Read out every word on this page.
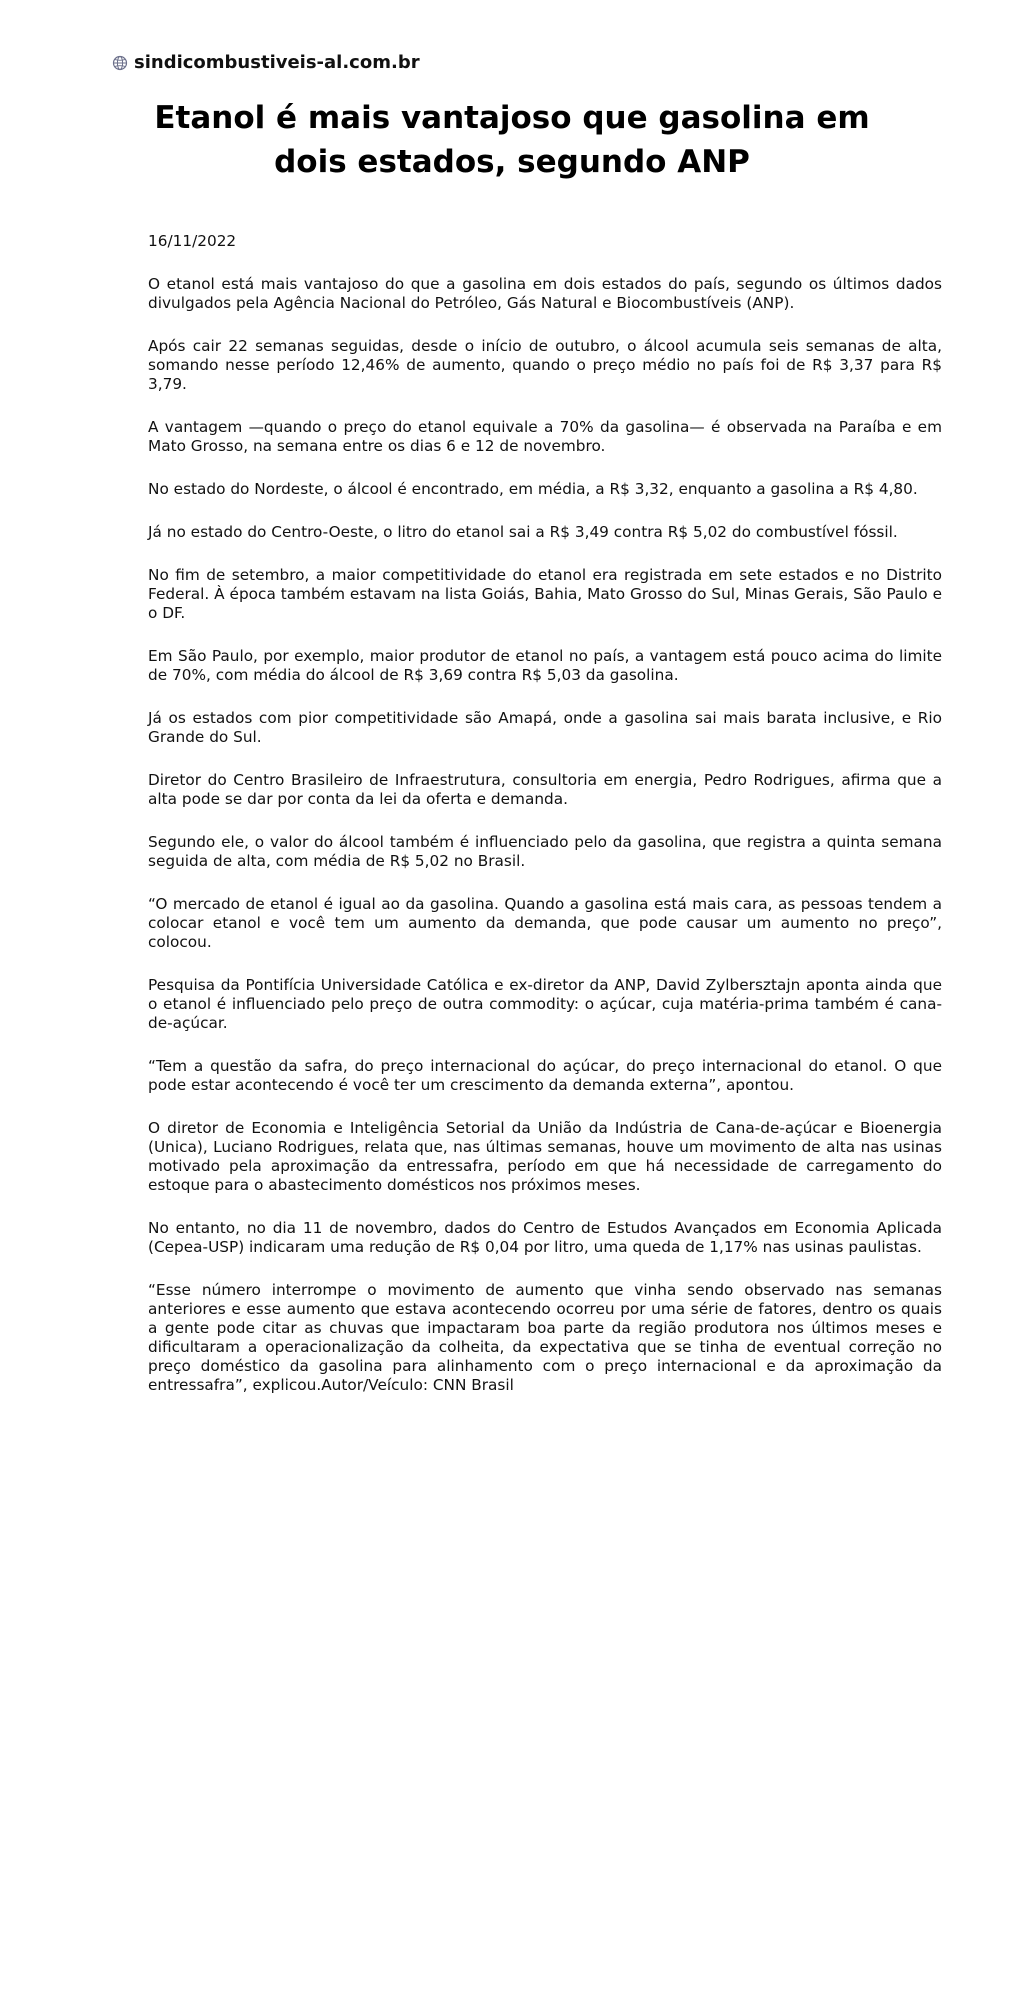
sindicombustiveis-al.com.br
Etanol é mais vantajoso que gasolina em dois estados, segundo ANP
16/11/2022

O etanol está mais vantajoso do que a gasolina em dois estados do país, segundo os últimos dados divulgados pela Agência Nacional do Petróleo, Gás Natural e Biocombustíveis (ANP).

Após cair 22 semanas seguidas, desde o início de outubro, o álcool acumula seis semanas de alta, somando nesse período 12,46% de aumento, quando o preço médio no país foi de R$ 3,37 para R$ 3,79.

A vantagem —quando o preço do etanol equivale a 70% da gasolina— é observada na Paraíba e em Mato Grosso, na semana entre os dias 6 e 12 de novembro.

No estado do Nordeste, o álcool é encontrado, em média, a R$ 3,32, enquanto a gasolina a R$ 4,80.

Já no estado do Centro-Oeste, o litro do etanol sai a R$ 3,49 contra R$ 5,02 do combustível fóssil.

No fim de setembro, a maior competitividade do etanol era registrada em sete estados e no Distrito Federal. À época também estavam na lista Goiás, Bahia, Mato Grosso do Sul, Minas Gerais, São Paulo e o DF.

Em São Paulo, por exemplo, maior produtor de etanol no país, a vantagem está pouco acima do limite de 70%, com média do álcool de R$ 3,69 contra R$ 5,03 da gasolina.

Já os estados com pior competitividade são Amapá, onde a gasolina sai mais barata inclusive, e Rio Grande do Sul.

Diretor do Centro Brasileiro de Infraestrutura, consultoria em energia, Pedro Rodrigues, afirma que a alta pode se dar por conta da lei da oferta e demanda.

Segundo ele, o valor do álcool também é influenciado pelo da gasolina, que registra a quinta semana seguida de alta, com média de R$ 5,02 no Brasil.

“O mercado de etanol é igual ao da gasolina. Quando a gasolina está mais cara, as pessoas tendem a colocar etanol e você tem um aumento da demanda, que pode causar um aumento no preço”, colocou.

Pesquisa da Pontifícia Universidade Católica e ex-diretor da ANP, David Zylbersztajn aponta ainda que o etanol é influenciado pelo preço de outra commodity: o açúcar, cuja matéria-prima também é cana-de-açúcar.

“Tem a questão da safra, do preço internacional do açúcar, do preço internacional do etanol. O que pode estar acontecendo é você ter um crescimento da demanda externa”, apontou.

O diretor de Economia e Inteligência Setorial da União da Indústria de Cana-de-açúcar e Bioenergia (Unica), Luciano Rodrigues, relata que, nas últimas semanas, houve um movimento de alta nas usinas motivado pela aproximação da entressafra, período em que há necessidade de carregamento do estoque para o abastecimento domésticos nos próximos meses.

No entanto, no dia 11 de novembro, dados do Centro de Estudos Avançados em Economia Aplicada (Cepea-USP) indicaram uma redução de R$ 0,04 por litro, uma queda de 1,17% nas usinas paulistas.

“Esse número interrompe o movimento de aumento que vinha sendo observado nas semanas anteriores e esse aumento que estava acontecendo ocorreu por uma série de fatores, dentro os quais a gente pode citar as chuvas que impactaram boa parte da região produtora nos últimos meses e dificultaram a operacionalização da colheita, da expectativa que se tinha de eventual correção no preço doméstico da gasolina para alinhamento com o preço internacional e da aproximação da entressafra”, explicou.Autor/Veículo: CNN Brasil
